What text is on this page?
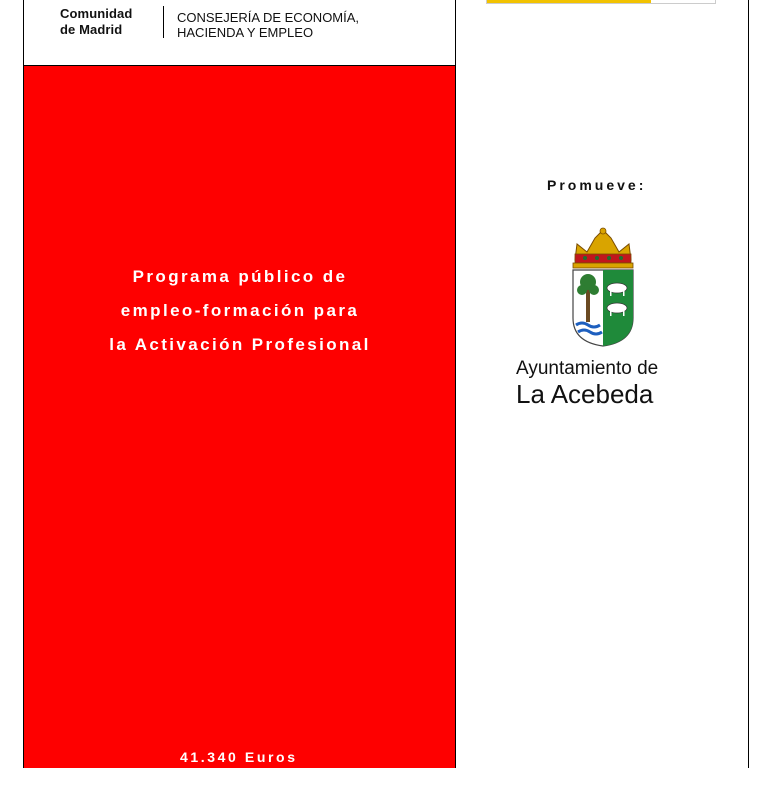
Comunidad
de Madrid
CONSEJERÍA DE ECONOMÍA,
HACIENDA Y EMPLEO
Programa público de
empleo-formación para
la Activación Profesional

Subvención:

41.340 Euros

Promueve:
Ayuntamiento de
La Acebeda
